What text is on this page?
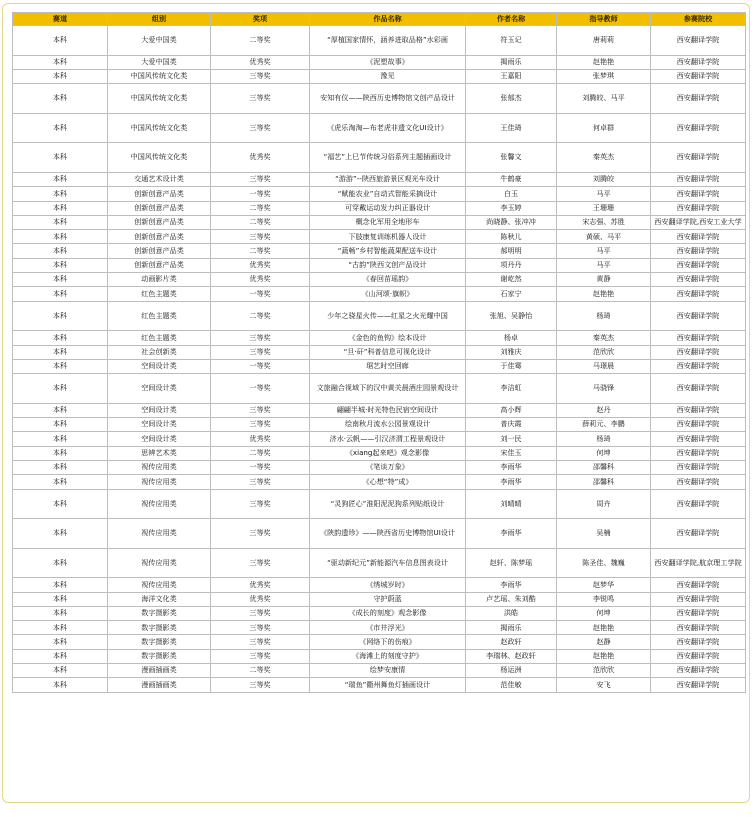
赛道	组别	奖项	作品名称	作者名称	指导教师	参赛院校
本科	大爱中国类	二等奖	“厚植国家情怀，涵养进取品格”水彩画	符玉记	唐莉莉	西安翻译学院
本科	大爱中国类	优秀奖	《泥塑故事》	揭雨乐	赵艳艳	西安翻译学院
本科	中国风传统文化类	三等奖	豫见	王嘉阳	张梦琪	西安翻译学院
本科	中国风传统文化类	三等奖	安知有仪——陕西历史博物馆文创产品设计	张郁杰	刘腾皎、马平	西安翻译学院
本科	中国风传统文化类	三等奖	《虎乐淘淘—布老虎非遗文化UI设计》	王佳琦	何卓群	西安翻译学院
本科	中国风传统文化类	优秀奖	“福艺”上巳节传统习俗系列主题插画设计	张馨文	秦英杰	西安翻译学院
本科	交通艺术设计类	三等奖	“游游”--陕西旅游景区观光车设计	牛鹤豪	刘腾皎	西安翻译学院
本科	创新创意产品类	一等奖	“赋能农业”自动式智能采摘设计	白玉	马平	西安翻译学院
本科	创新创意产品类	二等奖	可穿戴运动发力纠正器设计	李玉婷	王珊珊	西安翻译学院
本科	创新创意产品类	二等奖	概念化军用全地形车	尚晓静、张冲冲	宋志强、苏胜	西安翻译学院,西安工业大学
本科	创新创意产品类	三等奖	下肢康复训练机器人设计	陈秋儿	黄硕、马平	西安翻译学院
本科	创新创意产品类	二等奖	“蔬畅”乡村智能蔬果配送车设计	郝明明	马平	西安翻译学院
本科	创新创意产品类	优秀奖	“古韵”陕西文创产品设计	项丹丹	马平	西安翻译学院
本科	动画影片类	优秀奖	《春回苗瑶韵》	谢屹然	黄静	西安翻译学院
本科	红色主题类	一等奖	《山河颂·旗帜》	石家宁	赵艳艳	西安翻译学院
本科	红色主题类	二等奖	少年之骁星火传——红星之火光耀中国	张旭、吴静怡	杨琦	西安翻译学院
本科	红色主题类	三等奖	《金色的鱼钩》绘本设计	杨卓	秦英杰	西安翻译学院
本科	社会创新类	三等奖	“旦·矸”科普信息可视化设计	刘雅庆	范欣欣	西安翻译学院
本科	空间设计类	一等奖	琚艺时空回廊	于佳骞	马璟晨	西安翻译学院
本科	空间设计类	一等奖	文旅融合视域下的汉中黄关晨酒庄园景观设计	李洁虹	马骁锋	西安翻译学院
本科	空间设计类	三等奖	翩翩半城·时光特色民宿空间设计	高小辉	赵丹	西安翻译学院
本科	空间设计类	三等奖	绘南秋月流水公园景观设计	普庆霞	薛莉元、李鹏	西安翻译学院
本科	空间设计类	优秀奖	济水·云帆——引汉济渭工程景观设计	刘一民	杨琦	西安翻译学院
本科	思辨艺术类	二等奖	《xiang起来吧》观念影像	宋佳玉	何坤	西安翻译学院
本科	视传应用类	一等奖	《笔谈万象》	李雨华	邵馨科	西安翻译学院
本科	视传应用类	三等奖	《心想“特”成》	李雨华	邵馨科	西安翻译学院
本科	视传应用类	三等奖	“灵狗匠心”淮阳泥泥狗系列贴纸设计	刘晴晴	周卉	西安翻译学院
本科	视传应用类	三等奖	《陕韵遗珍》——陕西省历史博物馆UI设计	李雨华	吴楠	西安翻译学院
本科	视传应用类	三等奖	“驱动新纪元”新能源汽车信息图表设计	赵轩、陈梦瑶	陈圣佳、魏巍	西安翻译学院,航京理工学院
本科	视传应用类	优秀奖	《绣城岁时》	李雨华	赵梦华	西安翻译学院
本科	海洋文化类	优秀奖	守护蔚蓝	卢艺瑶、朱刘酷	李锐鸣	西安翻译学院
本科	数字摄影类	三等奖	《成长的刻度》观念影像	洪皓	何坤	西安翻译学院
本科	数字摄影类	三等奖	《市井浮光》	揭雨乐	赵艳艳	西安翻译学院
本科	数字摄影类	三等奖	《网络下的伤痕》	赵政轩	赵静	西安翻译学院
本科	数字摄影类	三等奖	《海滩上的刻度守护》	李瑞林、赵政轩	赵艳艳	西安翻译学院
本科	漫画插画类	二等奖	绘梦安康情	杨运洲	范欣欣	西安翻译学院
本科	漫画插画类	三等奖	“瑞鱼”衢州舞鱼灯插画设计	范佳敏	安飞	西安翻译学院
